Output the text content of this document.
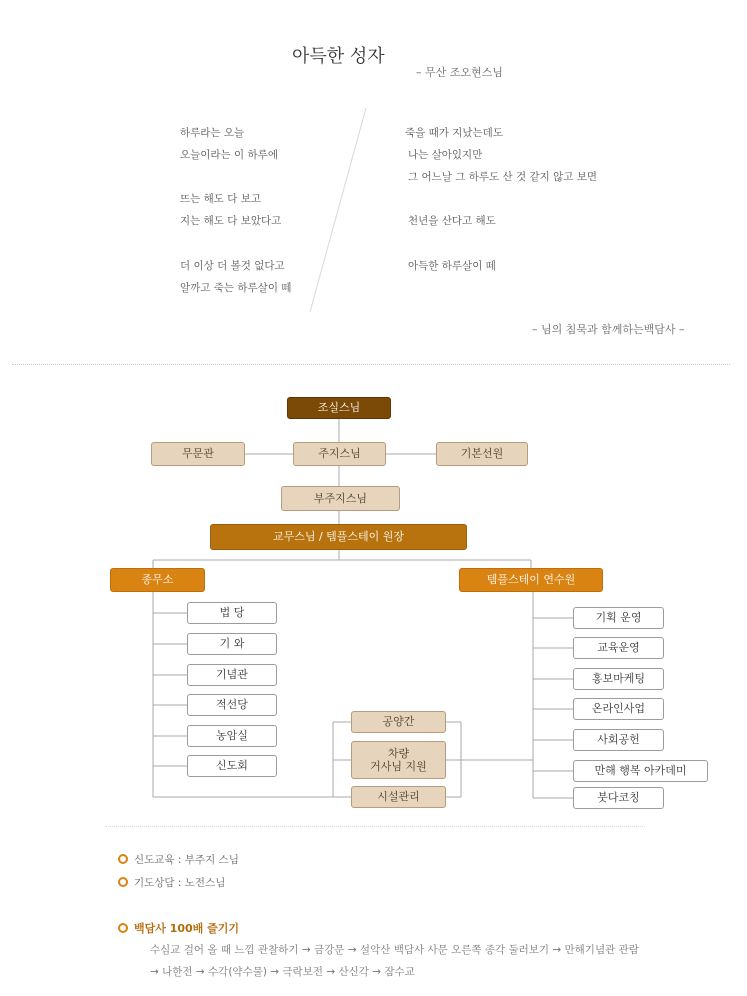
아득한 성자
– 무산 조오현스님
하루라는 오늘
오늘이라는 이 하루에
뜨는 해도 다 보고
지는 해도 다 보았다고
더 이상 더 볼것 없다고
알까고 죽는 하루살이 떼
죽을 때가 지났는데도
나는 살아있지만
그 어느날 그 하루도 산 것 같지 않고 보면
천년을 산다고 해도
아득한 하루살이 떼
– 님의 침묵과 함께하는백담사 –
조실스님
무문관	주지스님	기본선원
부주지스님
교무스님 / 템플스테이 원장
종무소	템플스테이 연수원
법 당
기 와
기념관
적선당
농암실
신도회
공양간
차량
거사님 지원
시설관리
기획 운영
교육운영
홍보마케팅
온라인사업
사회공헌
만해 행복 아카데미
붓다코칭
신도교육 : 부주지 스님
기도상담 : 노전스님
백담사 100배 즐기기
수심교 걸어 올 때 느낌 관찰하기 → 금강문 → 설악산 백담사 사문 오른쪽 종각 둘러보기 → 만해기념관 관람
→ 나한전 → 수각(약수물) → 극락보전 → 산신각 → 잠수교
